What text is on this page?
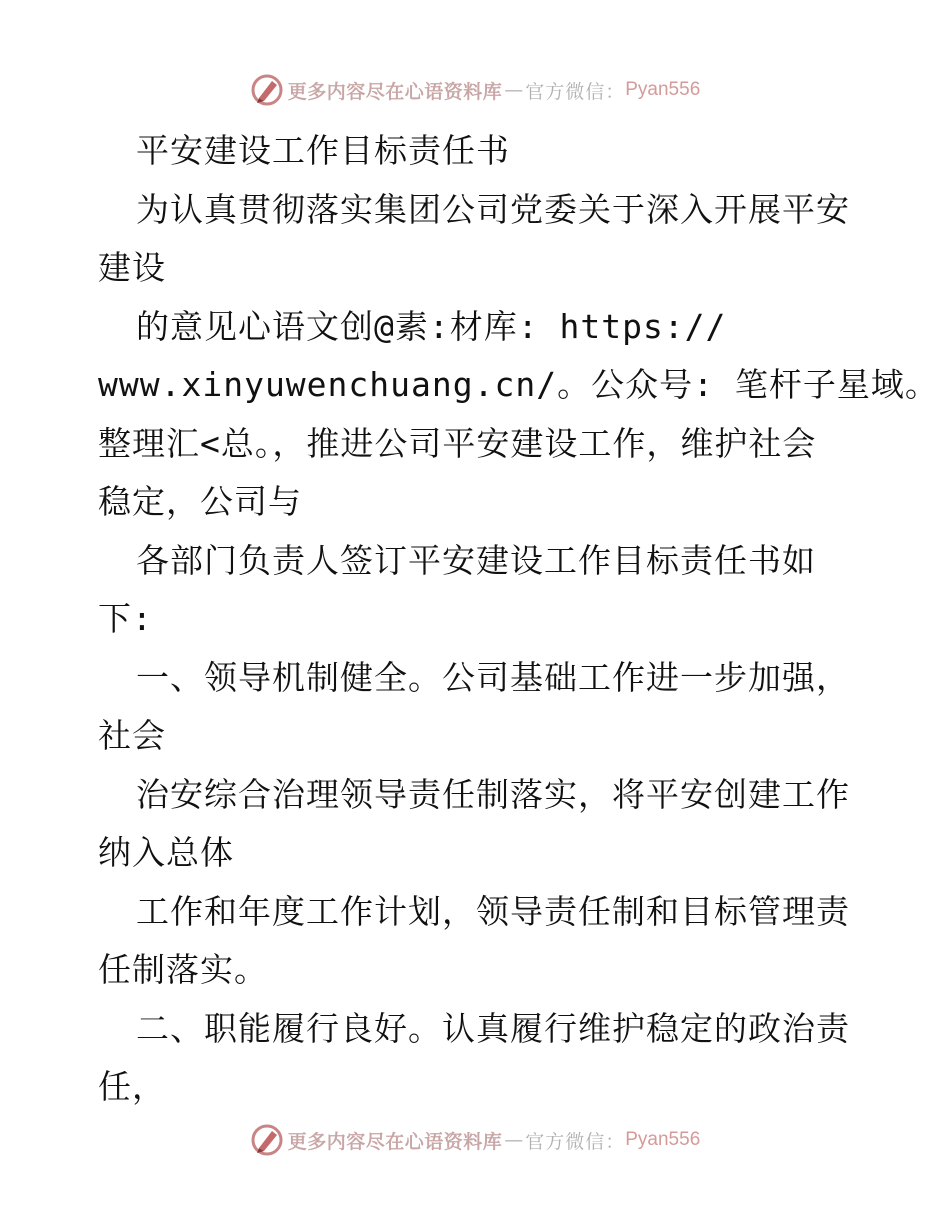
更多内容尽在心语资料库 — 官方微信： Pyan556
平安建设工作目标责任书
为认真贯彻落实集团公司党委关于深入开展平安
建设
的意见心语文创@素:材库: https://
www.xinyuwenchuang.cn/。公众号: 笔杆子星域。
整理汇<总。，推进公司平安建设工作，维护社会
稳定，公司与
各部门负责人签订平安建设工作目标责任书如
下:
一、领导机制健全。公司基础工作进一步加强，
社会
治安综合治理领导责任制落实，将平安创建工作
纳入总体
工作和年度工作计划，领导责任制和目标管理责
任制落实。
二、职能履行良好。认真履行维护稳定的政治责
任，
更多内容尽在心语资料库 — 官方微信： Pyan556
